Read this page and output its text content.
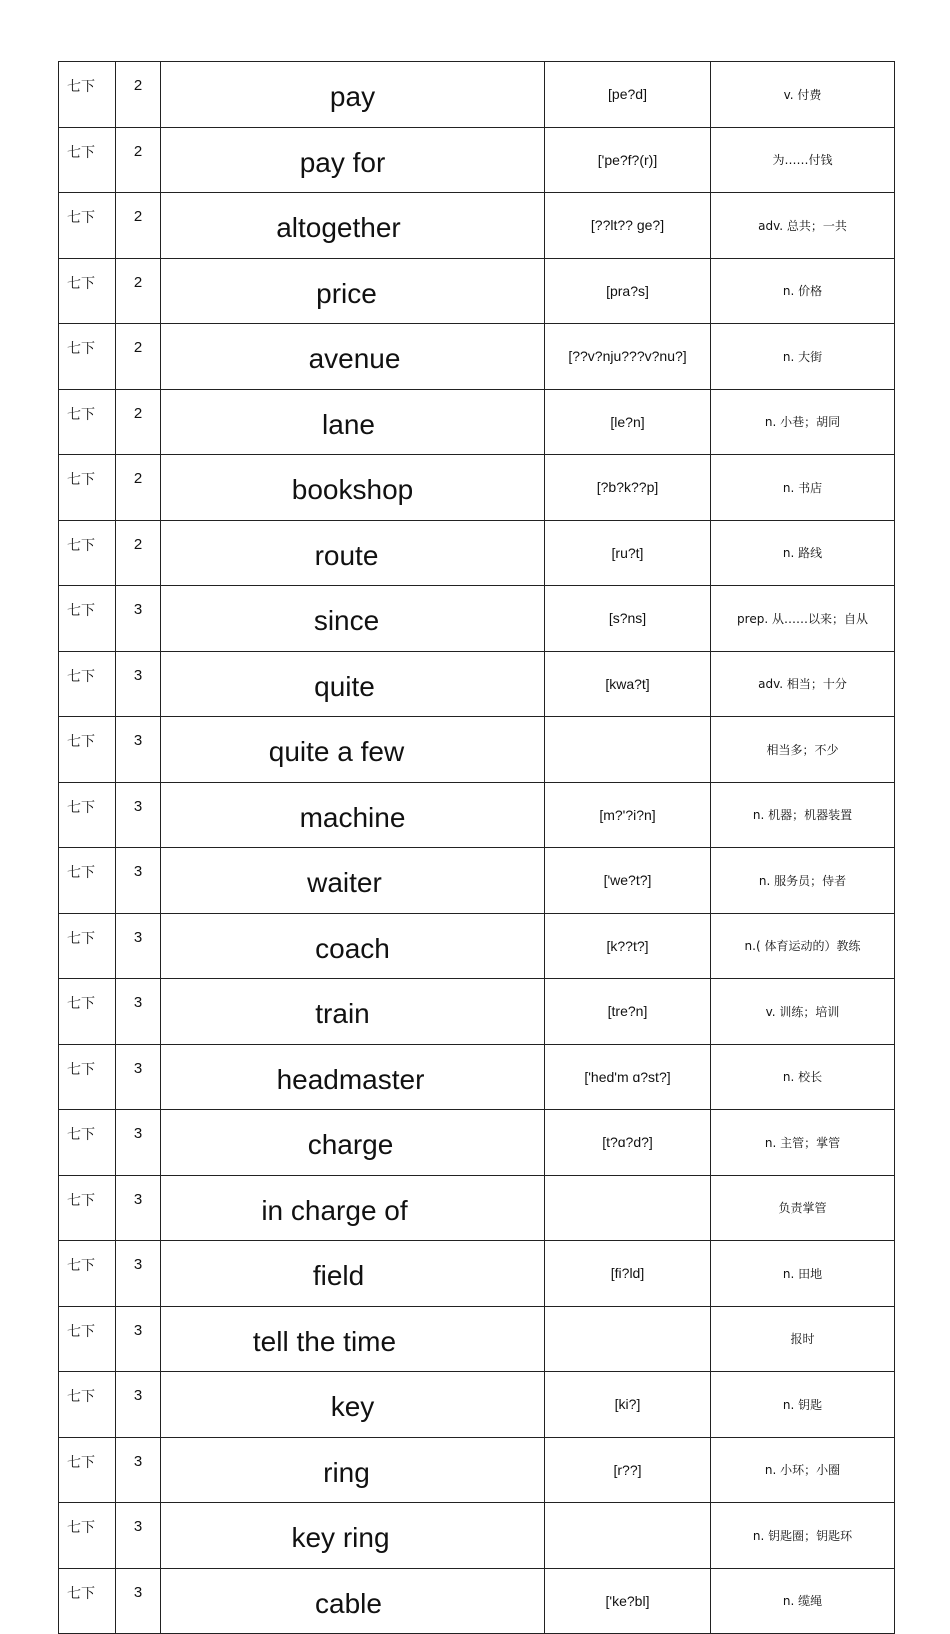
七下	2	pay	[pe?d]	v. 付费
七下	2	pay for	['pe?f?(r)]	为……付钱
七下	2	altogether	[??lt?? ɡe?]	adv. 总共；一共
七下	2	price	[pra?s]	n. 价格
七下	2	avenue	[??v?nju???v?nu?]	n. 大街
七下	2	lane	[le?n]	n. 小巷；胡同
七下	2	bookshop	[?b?k??p]	n. 书店
七下	2	route	[ru?t]	n. 路线
七下	3	since	[s?ns]	prep. 从……以来；自从
七下	3	quite	[kwa?t]	adv. 相当；十分
七下	3	quite a few		相当多；不少
七下	3	machine	[m?'?i?n]	n. 机器；机器装置
七下	3	waiter	['we?t?]	n. 服务员；侍者
七下	3	coach	[k??t?]	n.( 体育运动的）教练
七下	3	train	[tre?n]	v. 训练；培训
七下	3	headmaster	['hed'm ɑ?st?]	n. 校长
七下	3	charge	[t?ɑ?d?]	n. 主管；掌管
七下	3	in charge of		负责掌管
七下	3	field	[fi?ld]	n. 田地
七下	3	tell the time		报时
七下	3	key	[ki?]	n. 钥匙
七下	3	ring	[r??]	n. 小环；小圈
七下	3	key ring		n. 钥匙圈；钥匙环
七下	3	cable	['ke?bl]	n. 缆绳
